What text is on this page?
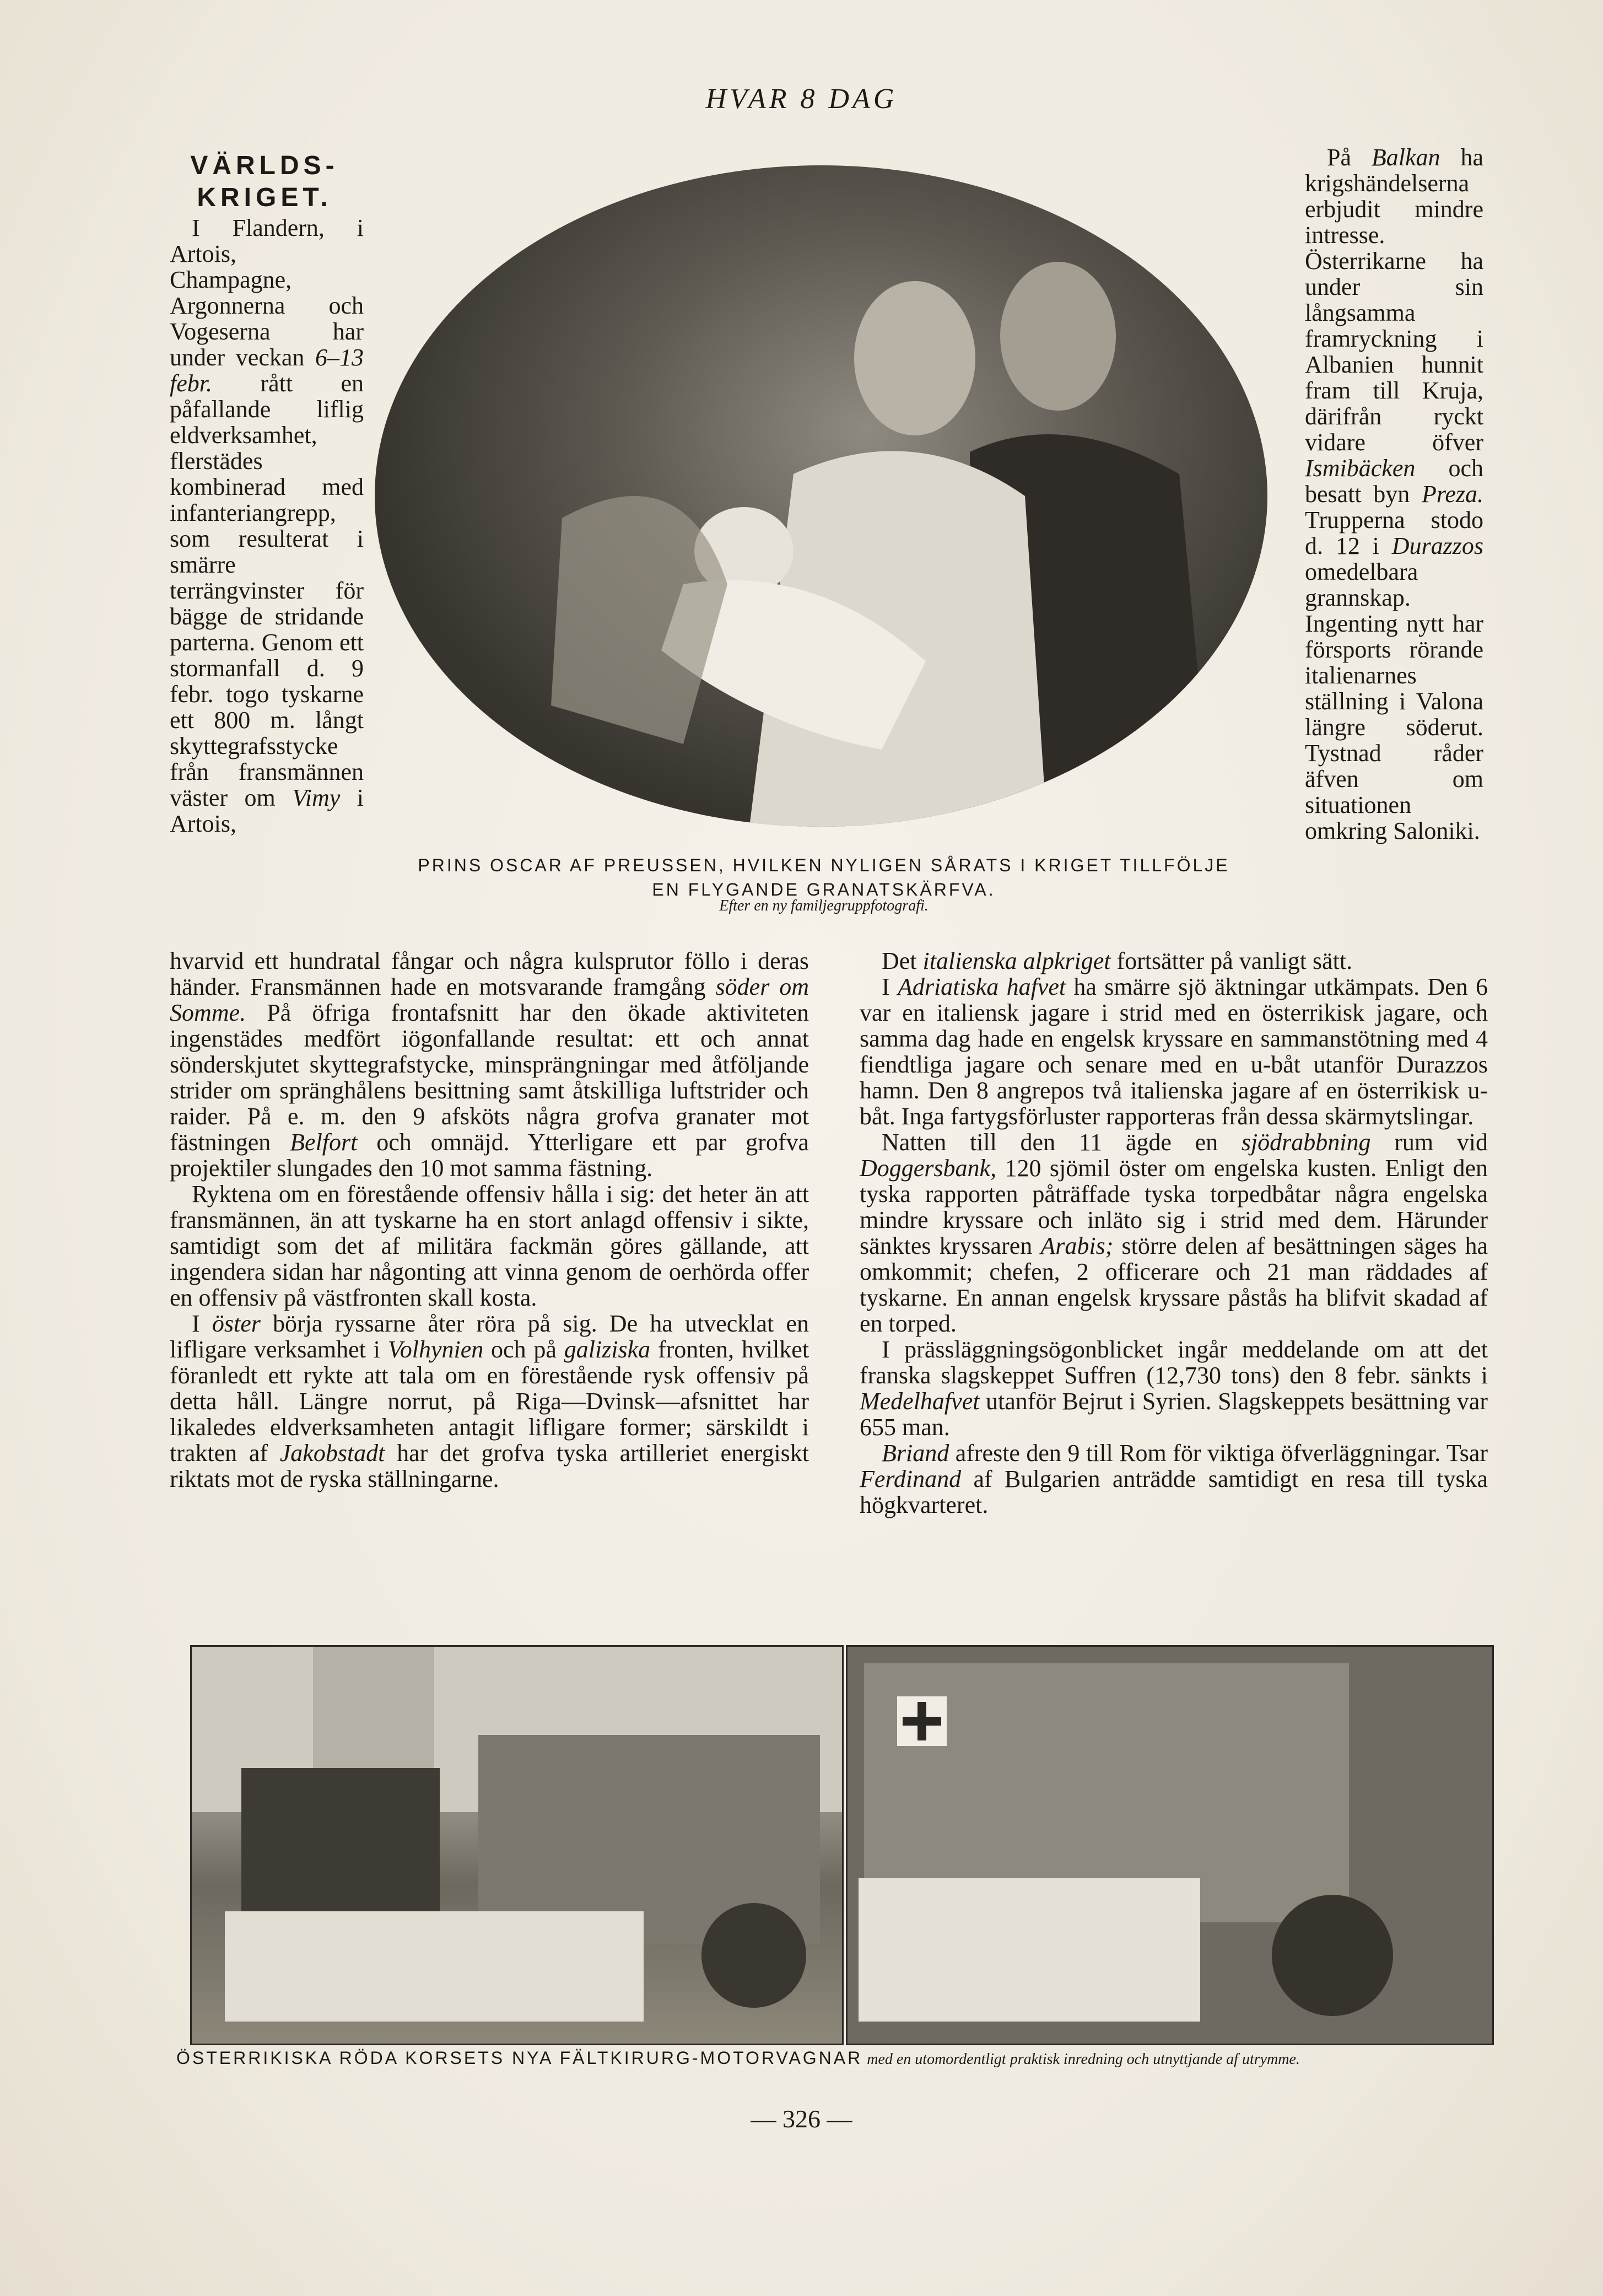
HVAR 8 DAG
VÄRLDS-
KRIGET.

I Flandern, i Artois, Champagne, Argonnerna och Vogeserna har under veckan 6–13 febr. rått en påfallande liflig eldverksamhet, flerstädes kombinerad med infanteriangrepp, som resulterat i smärre terrängvinster för bägge de stridande parterna. Genom ett stormanfall d. 9 febr. togo tyskarne ett 800 m. långt skyttegrafsstycke från fransmännen väster om Vimy i Artois,

På Balkan ha krigshändelserna erbjudit mindre intresse. Österrikarne ha under sin långsamma framryckning i Albanien hunnit fram till Kruja, därifrån ryckt vidare öfver Ismibäcken och besatt byn Preza. Trupperna stodo d. 12 i Durazzos omedelbara grannskap. Ingenting nytt har försports rörande italienarnes ställning i Valona längre söderut. Tystnad råder äfven om situationen omkring Saloniki.

PRINS OSCAR AF PREUSSEN, HVILKEN NYLIGEN SÅRATS I KRIGET TILLFÖLJE
EN FLYGANDE GRANATSKÄRFVA.
Efter en ny familjegruppfotografi.

hvarvid ett hundratal fångar och några kulsprutor föllo i deras händer. Fransmännen hade en motsvarande framgång söder om Somme. På öfriga frontafsnitt har den ökade aktiviteten ingenstädes medfört iögonfallande resultat: ett och annat sönderskjutet skyttegrafstycke, minsprängningar med åtföljande strider om spränghålens besittning samt åtskilliga luftstrider och raider. På e. m. den 9 afsköts några grofva granater mot fästningen Belfort och omnäjd. Ytterligare ett par grofva projektiler slungades den 10 mot samma fästning.

Ryktena om en förestående offensiv hålla i sig: det heter än att fransmännen, än att tyskarne ha en stort anlagd offensiv i sikte, samtidigt som det af militära fackmän göres gällande, att ingendera sidan har någonting att vinna genom de oerhörda offer en offensiv på västfronten skall kosta.

I öster börja ryssarne åter röra på sig. De ha utvecklat en lifligare verksamhet i Volhynien och på galiziska fronten, hvilket föranledt ett rykte att tala om en förestående rysk offensiv på detta håll. Längre norrut, på Riga—Dvinsk—afsnittet har likaledes eldverksamheten antagit lifligare former; särskildt i trakten af Jakobstadt har det grofva tyska artilleriet energiskt riktats mot de ryska ställningarne.

Det italienska alpkriget fortsätter på vanligt sätt.

I Adriatiska hafvet ha smärre sjö äktningar utkämpats. Den 6 var en italiensk jagare i strid med en österrikisk jagare, och samma dag hade en engelsk kryssare en sammanstötning med 4 fiendtliga jagare och senare med en u-båt utanför Durazzos hamn. Den 8 angrepos två italienska jagare af en österrikisk u-båt. Inga fartygsförluster rapporteras från dessa skärmytslingar.

Natten till den 11 ägde en sjödrabbning rum vid Doggersbank, 120 sjömil öster om engelska kusten. Enligt den tyska rapporten påträffade tyska torpedbåtar några engelska mindre kryssare och inläto sig i strid med dem. Härunder sänktes kryssaren Arabis; större delen af besättningen säges ha omkommit; chefen, 2 officerare och 21 man räddades af tyskarne. En annan engelsk kryssare påstås ha blifvit skadad af en torped.

I prässläggningsögonblicket ingår meddelande om att det franska slagskeppet Suffren (12,730 tons) den 8 febr. sänkts i Medelhafvet utanför Bejrut i Syrien. Slagskeppets besättning var 655 man.

Briand afreste den 9 till Rom för viktiga öfverläggningar. Tsar Ferdinand af Bulgarien anträdde samtidigt en resa till tyska högkvarteret.

ÖSTERRIKISKA RÖDA KORSETS NYA FÄLTKIRURG-MOTORVAGNAR med en utomordentligt praktisk inredning och utnyttjande af utrymme.
— 326 —
